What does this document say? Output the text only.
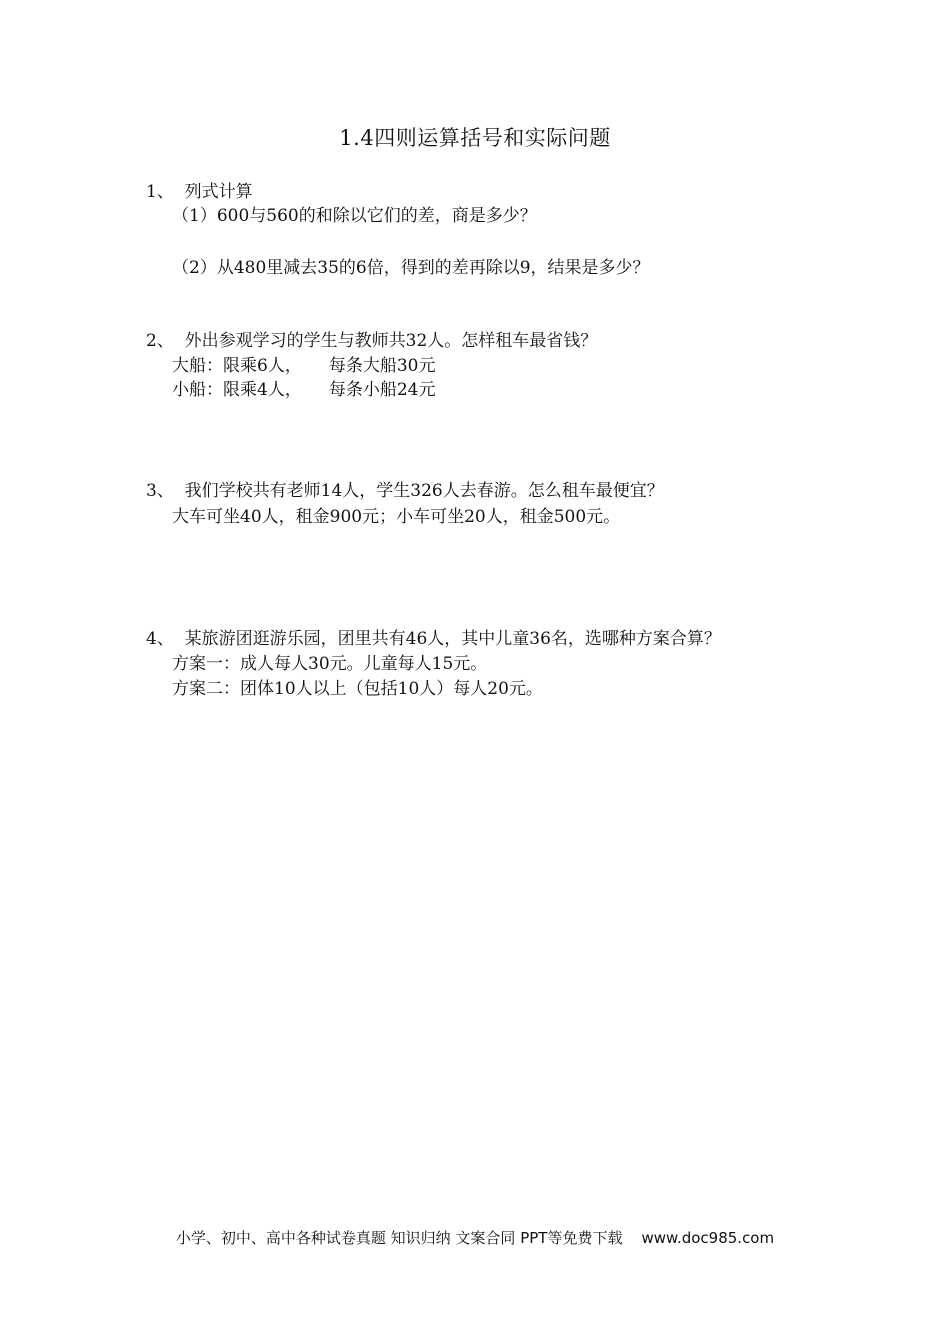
1.4四则运算括号和实际问题
1、  列式计算
（1）600与560的和除以它们的差，商是多少？
（2）从480里减去35的6倍，得到的差再除以9，结果是多少？
2、  外出参观学习的学生与教师共32人。怎样租车最省钱？
大船：限乘6人，     每条大船30元
小船：限乘4人，     每条小船24元
3、  我们学校共有老师14人，学生326人去春游。怎么租车最便宜？
大车可坐40人，租金900元；小车可坐20人，租金500元。
4、  某旅游团逛游乐园，团里共有46人，其中儿童36名，选哪种方案合算？
方案一：成人每人30元。儿童每人15元。
方案二：团体10人以上（包括10人）每人20元。
小学、初中、高中各种试卷真题 知识归纳 文案合同 PPT等免费下载    www.doc985.com
